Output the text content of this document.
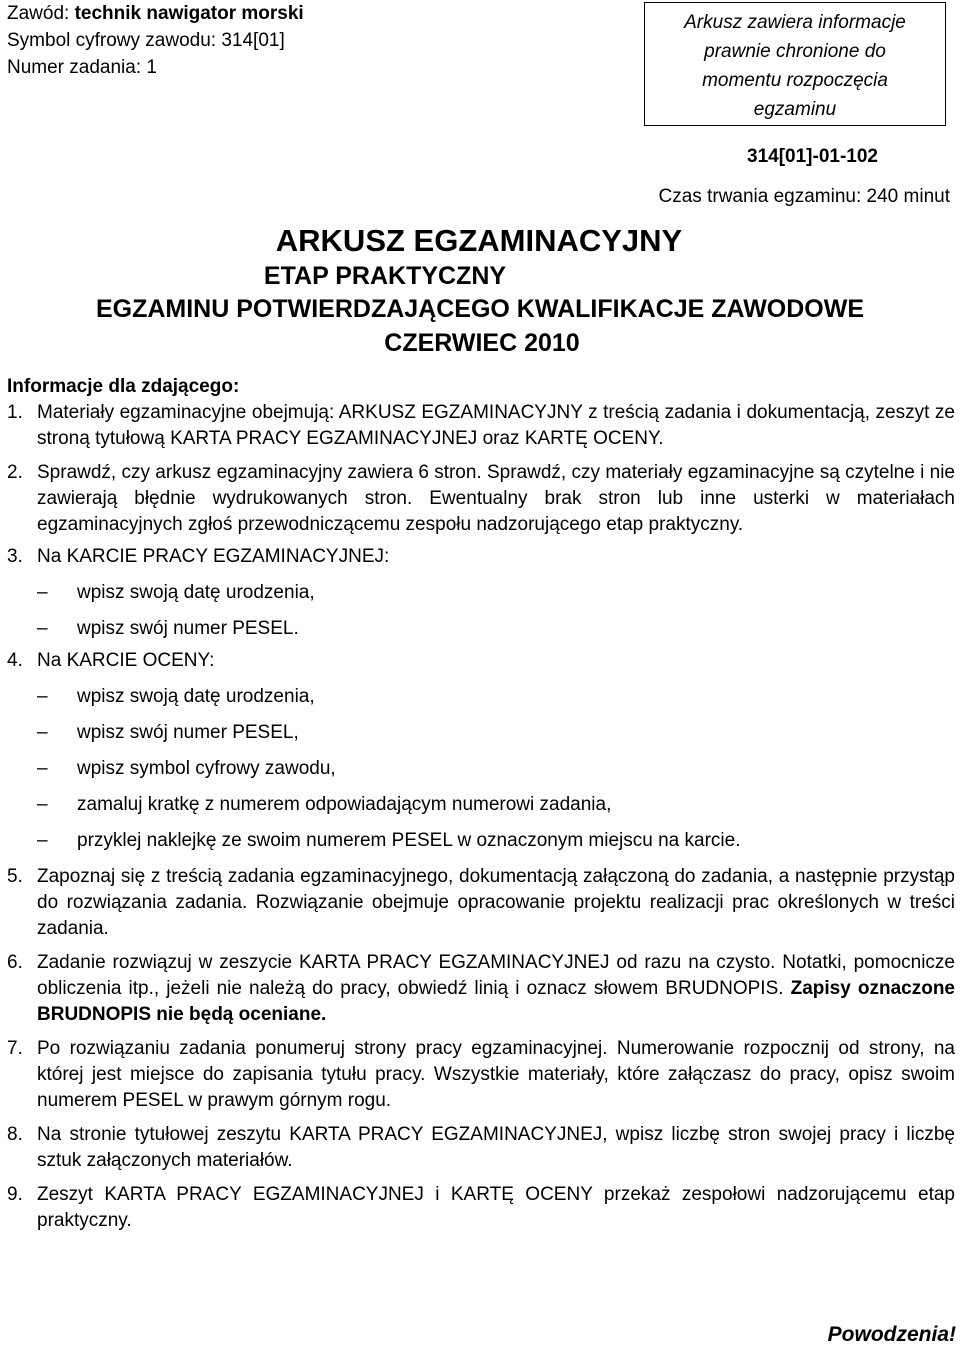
Zawód: technik nawigator morski
Symbol cyfrowy zawodu: 314[01]
Numer zadania: 1
Arkusz zawiera informacje
prawnie chronione do
momentu rozpoczęcia
egzaminu
314[01]-01-102
Czas trwania egzaminu: 240 minut
ARKUSZ EGZAMINACYJNY
ETAP PRAKTYCZNY
EGZAMINU POTWIERDZAJĄCEGO KWALIFIKACJE ZAWODOWE
CZERWIEC 2010
Informacje dla zdającego:
1. Materiały egzaminacyjne obejmują: ARKUSZ EGZAMINACYJNY z treścią zadania i dokumentacją, zeszyt ze stroną tytułową KARTA PRACY EGZAMINACYJNEJ oraz KARTĘ OCENY.
2. Sprawdź, czy arkusz egzaminacyjny zawiera 6 stron. Sprawdź, czy materiały egzaminacyjne są czytelne i nie zawierają błędnie wydrukowanych stron. Ewentualny brak stron lub inne usterki w materiałach egzaminacyjnych zgłoś przewodniczącemu zespołu nadzorującego etap praktyczny.
3. Na KARCIE PRACY EGZAMINACYJNEJ:
–	wpisz swoją datę urodzenia,
–	wpisz swój numer PESEL.
4. Na KARCIE OCENY:
–	wpisz swoją datę urodzenia,
–	wpisz swój numer PESEL,
–	wpisz symbol cyfrowy zawodu,
–	zamaluj kratkę z numerem odpowiadającym numerowi zadania,
–	przyklej naklejkę ze swoim numerem PESEL w oznaczonym miejscu na karcie.
5. Zapoznaj się z treścią zadania egzaminacyjnego, dokumentacją załączoną do zadania, a następnie przystąp do rozwiązania zadania. Rozwiązanie obejmuje opracowanie projektu realizacji prac określonych w treści zadania.
6. Zadanie rozwiązuj w zeszycie KARTA PRACY EGZAMINACYJNEJ od razu na czysto. Notatki, pomocnicze obliczenia itp., jeżeli nie należą do pracy, obwiedź linią i oznacz słowem BRUDNOPIS. Zapisy oznaczone BRUDNOPIS nie będą oceniane.
7. Po rozwiązaniu zadania ponumeruj strony pracy egzaminacyjnej. Numerowanie rozpocznij od strony, na której jest miejsce do zapisania tytułu pracy. Wszystkie materiały, które załączasz do pracy, opisz swoim numerem PESEL w prawym górnym rogu.
8. Na stronie tytułowej zeszytu KARTA PRACY EGZAMINACYJNEJ, wpisz liczbę stron swojej pracy i liczbę sztuk załączonych materiałów.
9. Zeszyt KARTA PRACY EGZAMINACYJNEJ i KARTĘ OCENY przekaż zespołowi nadzorującemu etap praktyczny.
Powodzenia!
